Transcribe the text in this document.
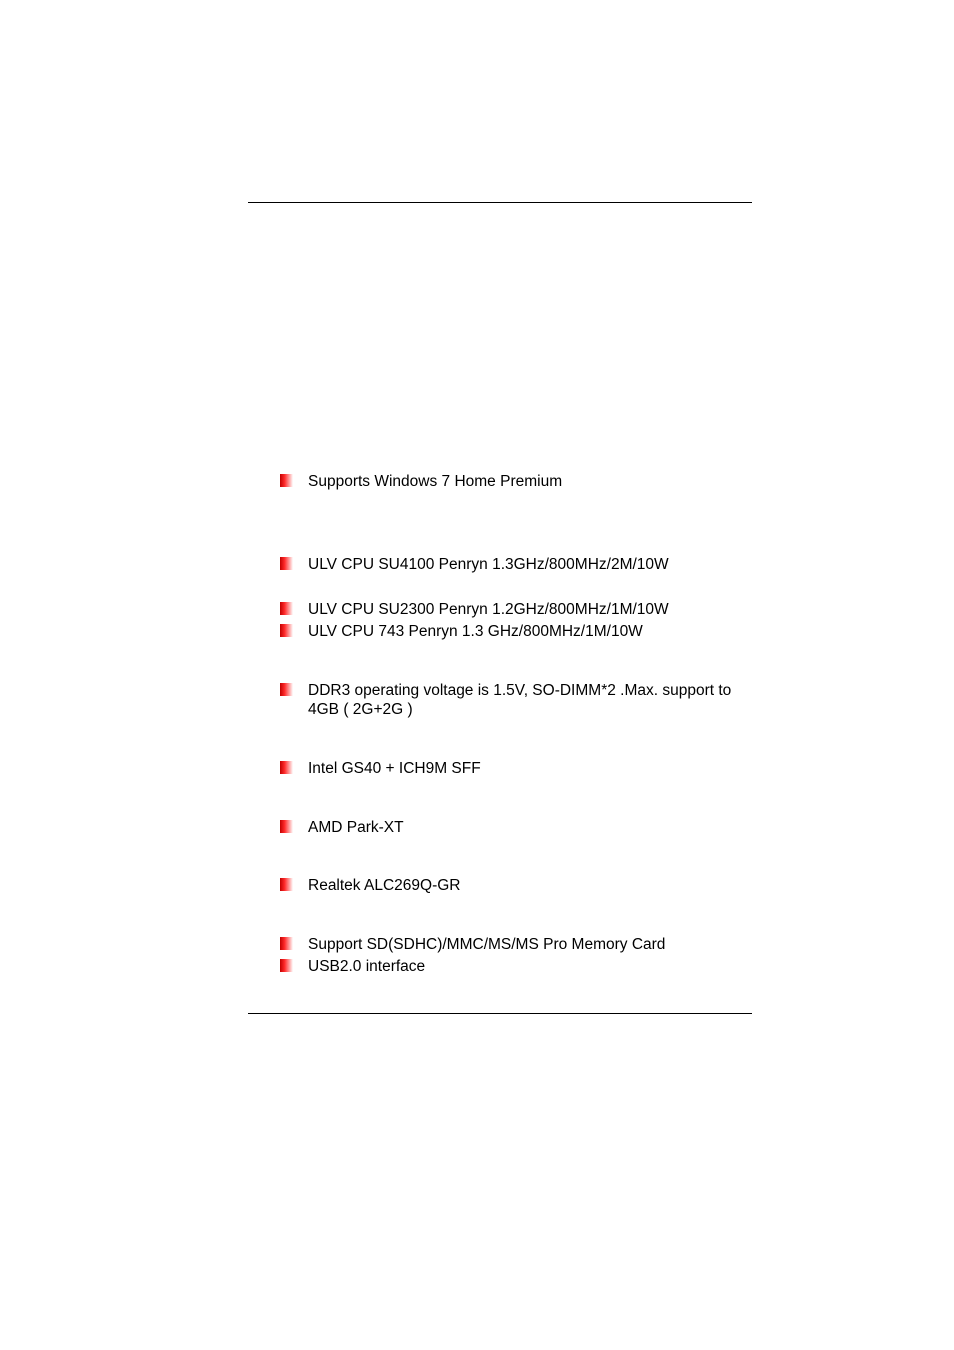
Supports Windows 7 Home Premium
ULV CPU SU4100 Penryn 1.3GHz/800MHz/2M/10W
ULV CPU SU2300 Penryn 1.2GHz/800MHz/1M/10W
ULV CPU 743 Penryn 1.3 GHz/800MHz/1M/10W
DDR3 operating voltage is 1.5V, SO-DIMM*2 .Max. support to 4GB ( 2G+2G )
Intel GS40 + ICH9M SFF
AMD Park-XT
Realtek ALC269Q-GR
Support SD(SDHC)/MMC/MS/MS Pro Memory Card
USB2.0 interface
